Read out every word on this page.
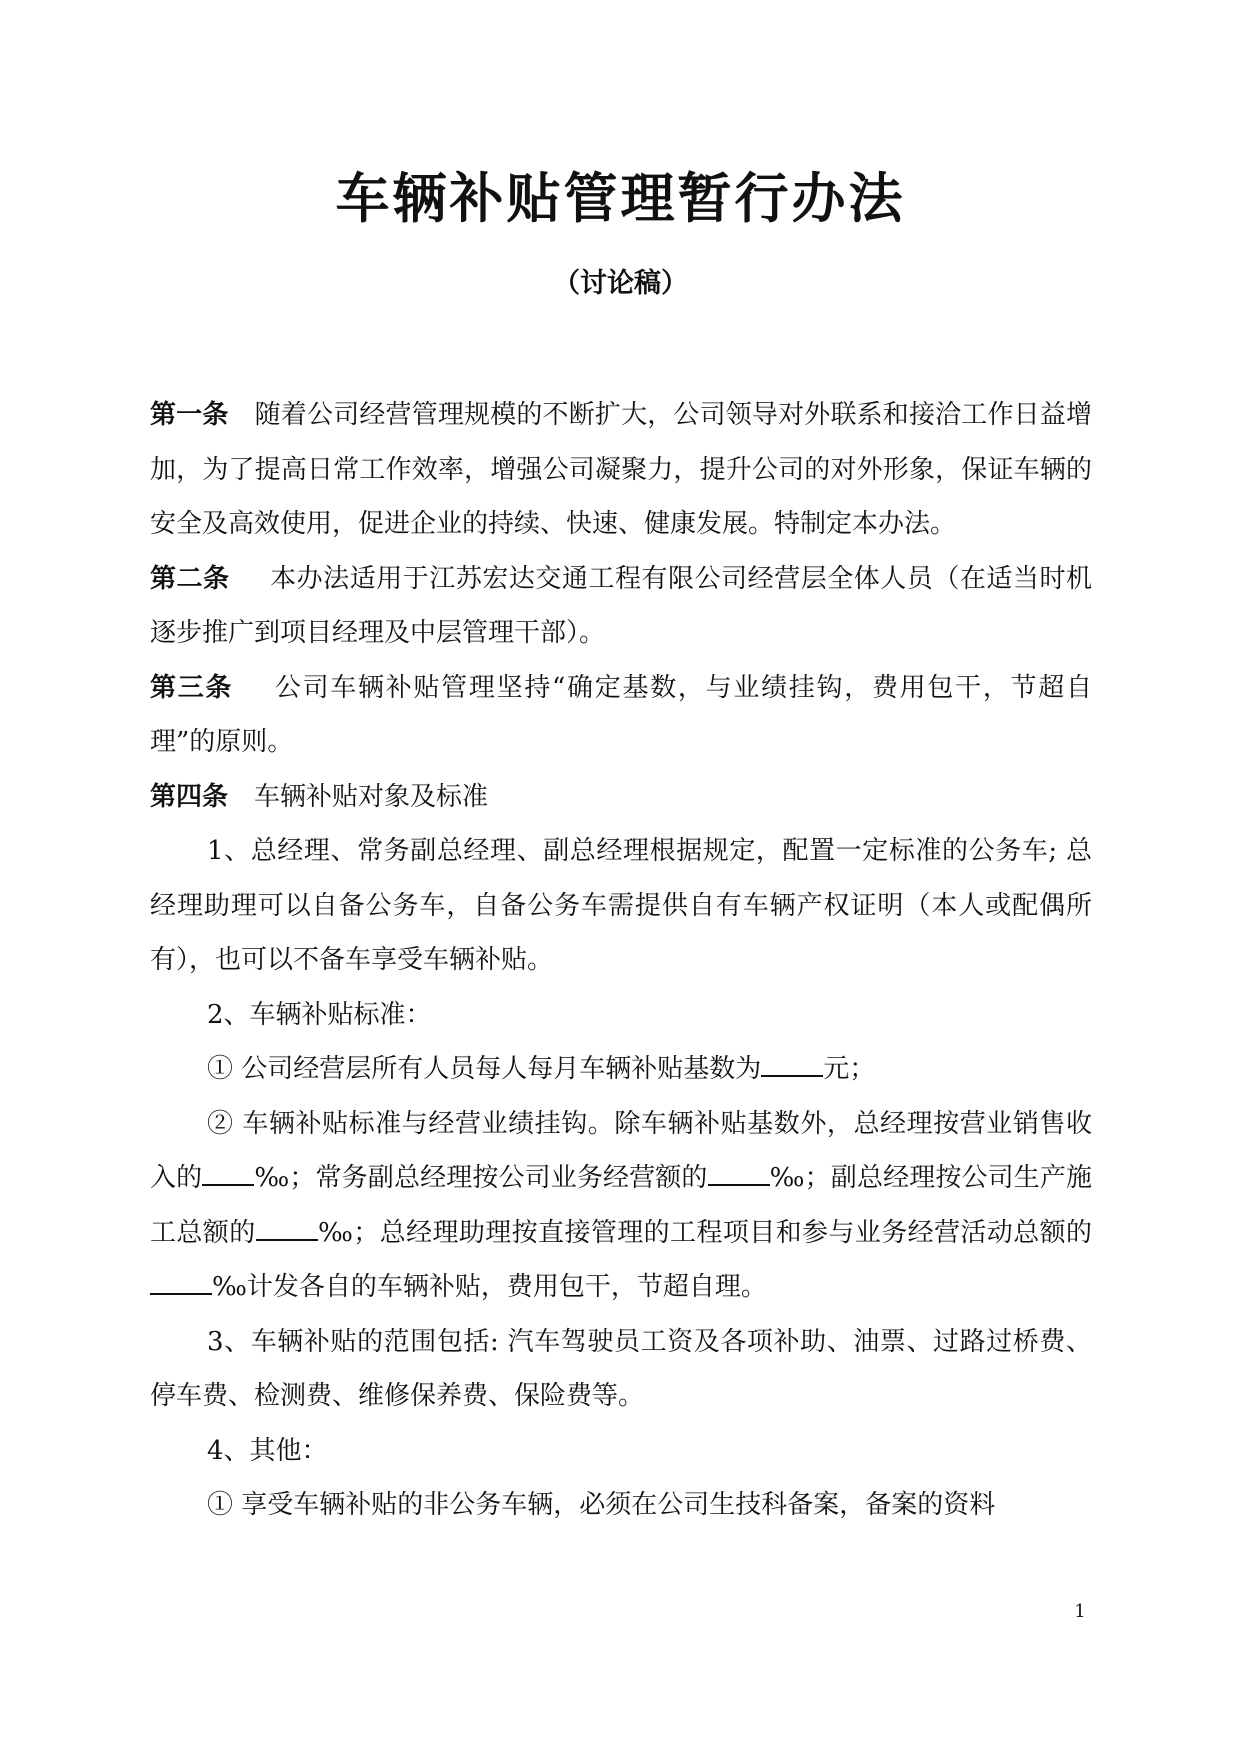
车辆补贴管理暂行办法
（讨论稿）

第一条 随着公司经营管理规模的不断扩大，公司领导对外联系和接洽工作日益增加，为了提高日常工作效率，增强公司凝聚力，提升公司的对外形象，保证车辆的安全及高效使用，促进企业的持续、快速、健康发展。特制定本办法。

第二条 本办法适用于江苏宏达交通工程有限公司经营层全体人员（在适当时机逐步推广到项目经理及中层管理干部）。

第三条 公司车辆补贴管理坚持“确定基数，与业绩挂钩，费用包干，节超自理”的原则。

第四条 车辆补贴对象及标准

1、总经理、常务副总经理、副总经理根据规定，配置一定标准的公务车; 总经理助理可以自备公务车，自备公务车需提供自有车辆产权证明（本人或配偶所有），也可以不备车享受车辆补贴。

2、车辆补贴标准：

① 公司经营层所有人员每人每月车辆补贴基数为 元；

② 车辆补贴标准与经营业绩挂钩。除车辆补贴基数外，总经理按营业销售收入的 ‰；常务副总经理按公司业务经营额的 ‰；副总经理按公司生产施工总额的 ‰；总经理助理按直接管理的工程项目和参与业务经营活动总额的‰计发各自的车辆补贴，费用包干，节超自理。

3、车辆补贴的范围包括: 汽车驾驶员工资及各项补助、油票、过路过桥费、停车费、检测费、维修保养费、保险费等。

4、其他：

① 享受车辆补贴的非公务车辆，必须在公司生技科备案，备案的资料

1
